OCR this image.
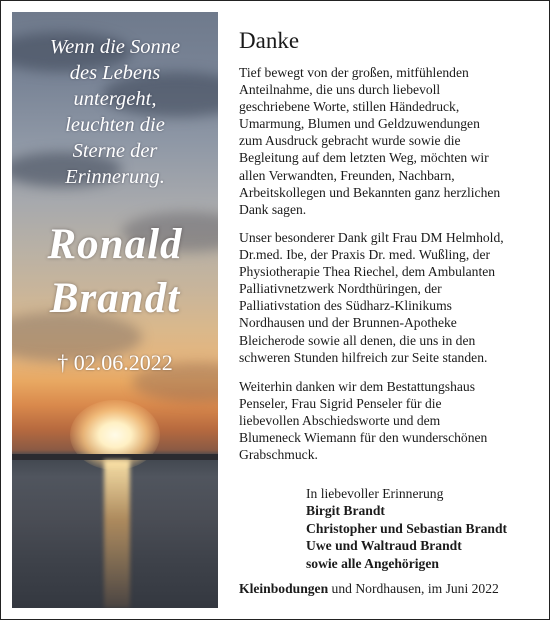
Wenn die Sonne
des Lebens
untergeht,
leuchten die
Sterne der
Erinnerung.
Ronald
Brandt
† 02.06.2022
Danke
Tief bewegt von der großen, mitfühlenden
Anteilnahme, die uns durch liebevoll
geschriebene Worte, stillen Händedruck,
Umarmung, Blumen und Geldzuwendungen
zum Ausdruck gebracht wurde sowie die
Begleitung auf dem letzten Weg, möchten wir
allen Verwandten, Freunden, Nachbarn,
Arbeitskollegen und Bekannten ganz herzlichen
Dank sagen.
Unser besonderer Dank gilt Frau DM Helmhold,
Dr.med. Ibe, der Praxis Dr. med. Wußling, der
Physiotherapie Thea Riechel, dem Ambulanten
Palliativnetzwerk Nordthüringen, der
Palliativstation des Südharz-Klinikums
Nordhausen und der Brunnen-Apotheke
Bleicherode sowie all denen, die uns in den
schweren Stunden hilfreich zur Seite standen.
Weiterhin danken wir dem Bestattungshaus
Penseler, Frau Sigrid Penseler für die
liebevollen Abschiedsworte und dem
Blumeneck Wiemann für den wunderschönen
Grabschmuck.
In liebevoller Erinnerung
Birgit Brandt
Christopher und Sebastian Brandt
Uwe und Waltraud Brandt
sowie alle Angehörigen
Kleinbodungen und Nordhausen, im Juni 2022
